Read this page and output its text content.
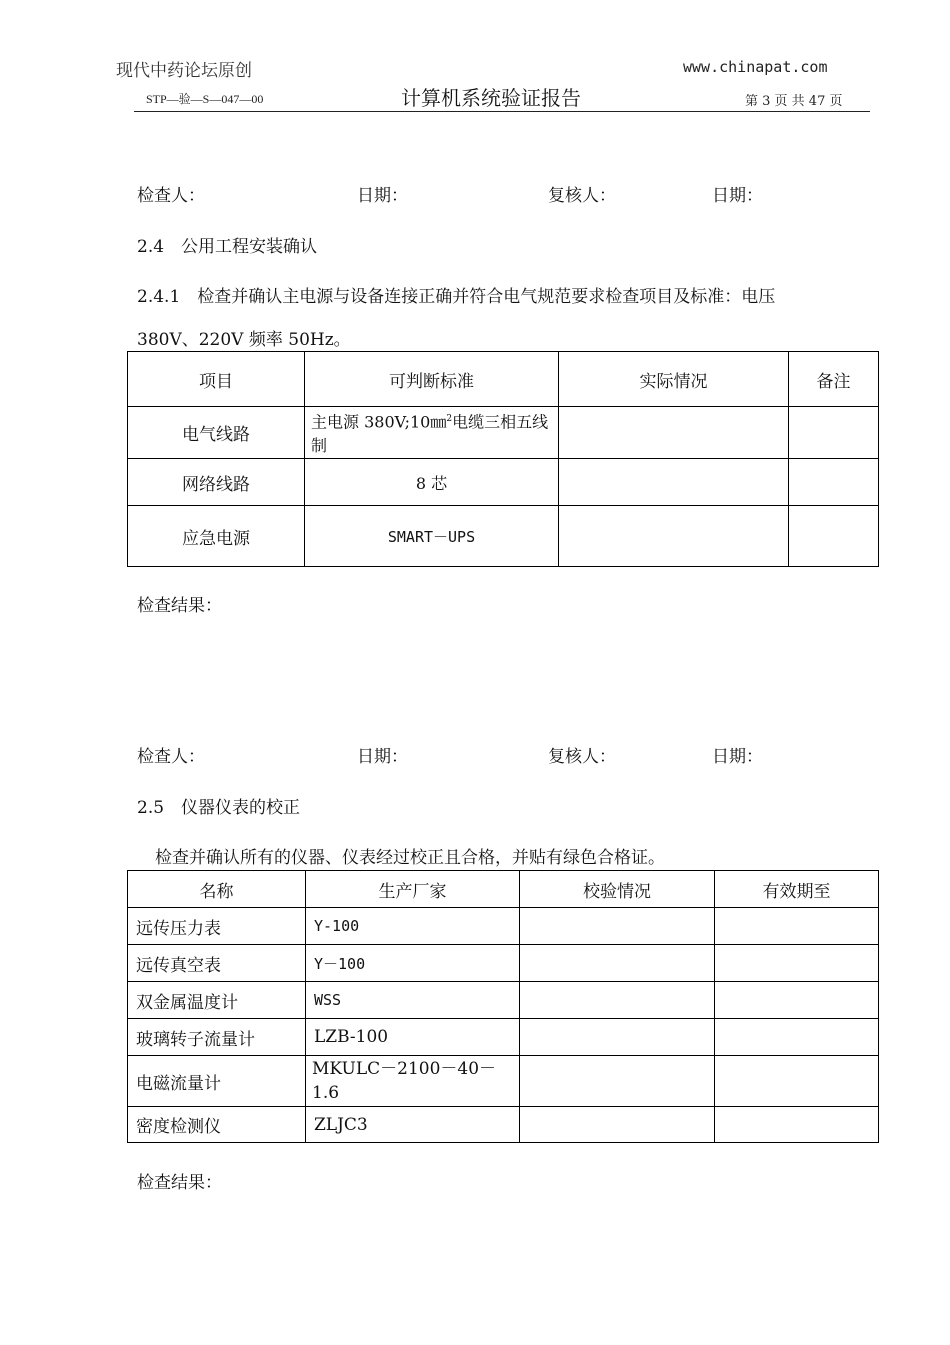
现代中药论坛原创	www.chinapat.com
STP—验—S—047—00	计算机系统验证报告	第 3 页 共 47 页
检查人：	日期：	复核人：	日期：
2.4　公用工程安装确认
2.4.1　检查并确认主电源与设备连接正确并符合电气规范要求检查项目及标准：电压
380V、220V 频率 50Hz。
项目	可判断标准	实际情况	备注
电气线路	主电源 380V;10㎜$^2$电缆三相五线制		
网络线路	8 芯		
应急电源	SMART－UPS		
检查结果：
检查人：	日期：	复核人：	日期：
2.5　仪器仪表的校正
检查并确认所有的仪器、仪表经过校正且合格，并贴有绿色合格证。
名称	生产厂家	校验情况	有效期至
远传压力表	Y-100		
远传真空表	Y－100		
双金属温度计	WSS		
玻璃转子流量计	LZB-100		
电磁流量计	MKULC－2100－40－1.6		
密度检测仪	ZLJC3		
检查结果：
